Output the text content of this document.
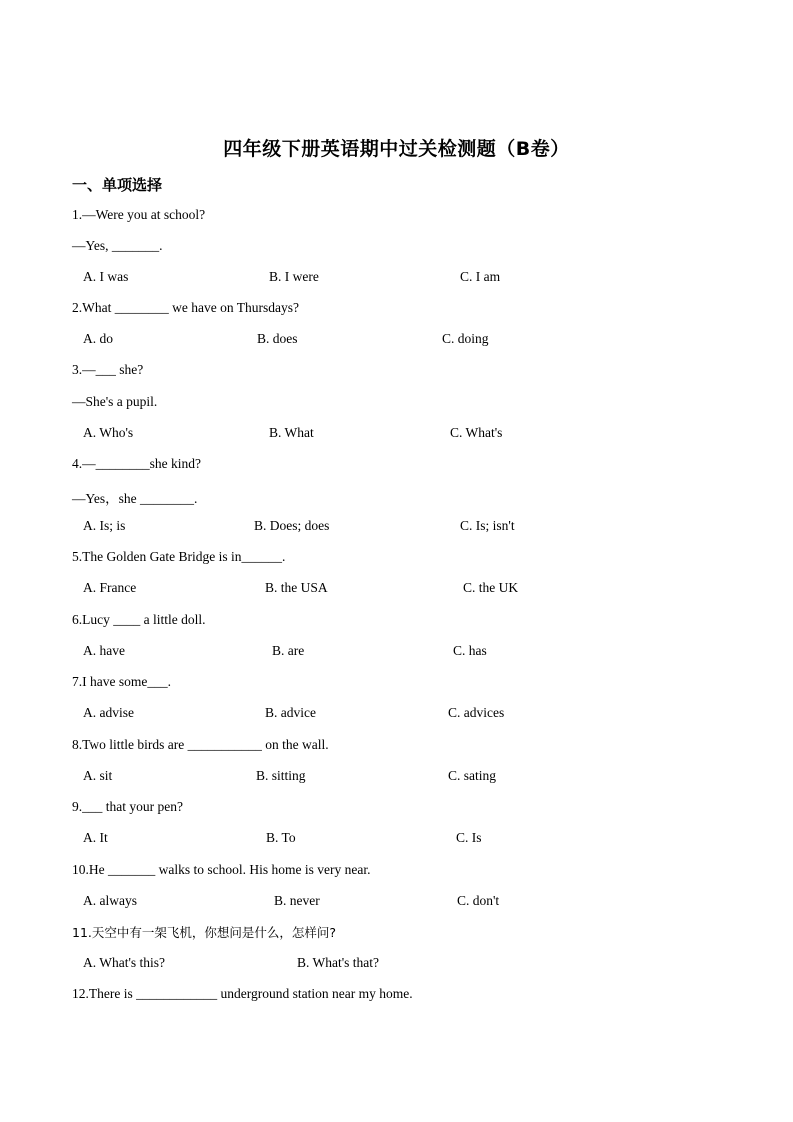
四年级下册英语期中过关检测题（B卷）
一、单项选择
1.—Were you at school?
—Yes, _______.
A. I was	B. I were	C. I am
2.What ________ we have on Thursdays?
A. do	B. does	C. doing
3.—___ she?
—She's a pupil.
A. Who's	B. What	C. What's
4.—________she kind?
—Yes，she ________.
A. Is; is	B. Does; does	C. Is; isn't
5.The Golden Gate Bridge is in______.
A. France	B. the USA	C. the UK
6.Lucy ____ a little doll.
A. have	B. are	C. has
7.I have some___.
A. advise	B. advice	C. advices
8.Two little birds are ___________ on the wall.
A. sit	B. sitting	C. sating
9.___ that your pen?
A. It	B. To	C. Is
10.He _______ walks to school. His home is very near.
A. always	B. never	C. don't
11.天空中有一架飞机，你想问是什么，怎样问?
A. What's this?	B. What's that?
12.There is ____________ underground station near my home.
